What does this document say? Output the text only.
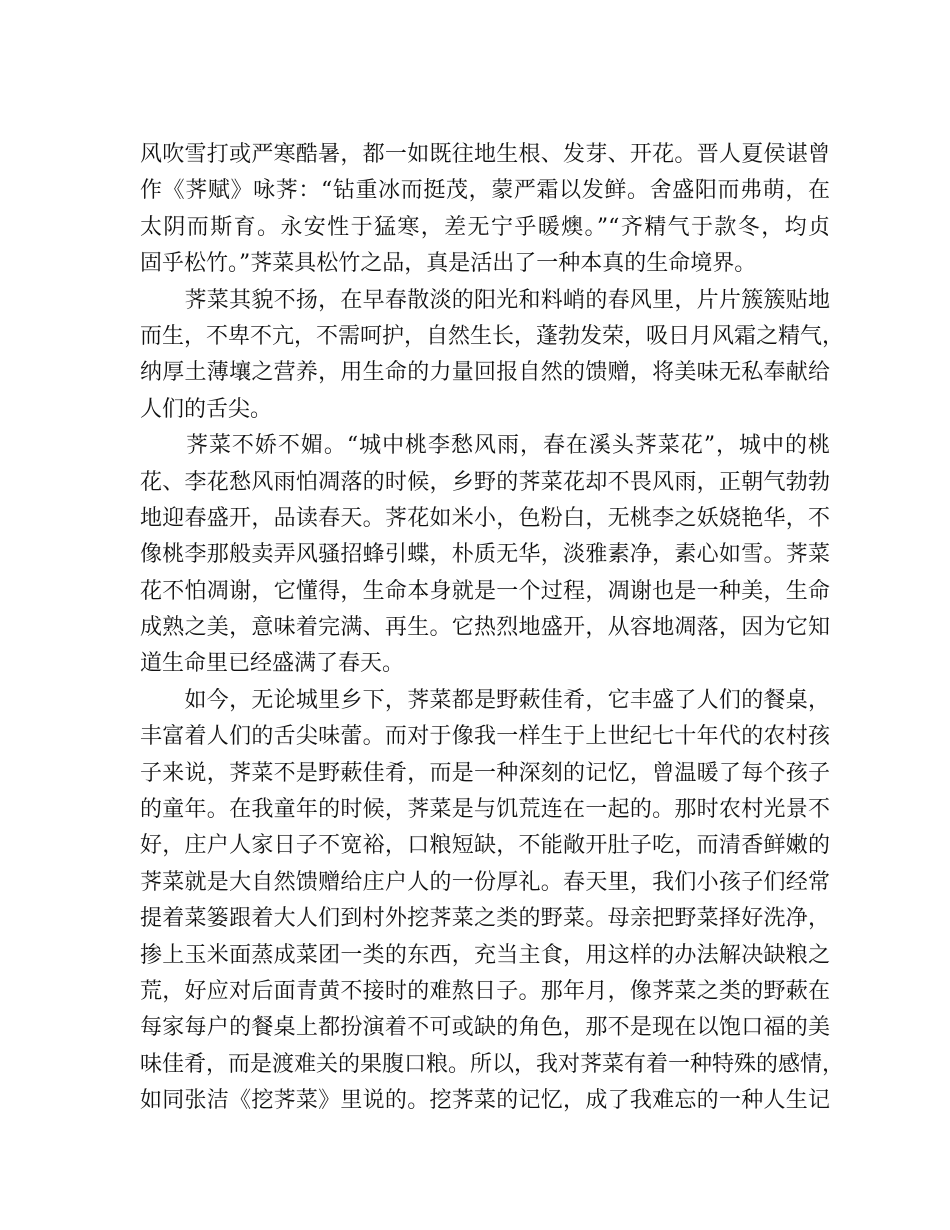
风吹雪打或严寒酷暑，都一如既往地生根、发芽、开花。晋人夏侯谌曾
作《荠赋》咏荠：“钻重冰而挺茂，蒙严霜以发鲜。舍盛阳而弗萌，在
太阴而斯育。永安性于猛寒，差无宁乎暖燠。”“齐精气于款冬，均贞
固乎松竹。”荠菜具松竹之品，真是活出了一种本真的生命境界。
　　荠菜其貌不扬，在早春散淡的阳光和料峭的春风里，片片簇簇贴地
而生，不卑不亢，不需呵护，自然生长，蓬勃发荣，吸日月风霜之精气，
纳厚土薄壤之营养，用生命的力量回报自然的馈赠，将美味无私奉献给
人们的舌尖。
　　荠菜不娇不媚。“城中桃李愁风雨，春在溪头荠菜花”，城中的桃
花、李花愁风雨怕凋落的时候，乡野的荠菜花却不畏风雨，正朝气勃勃
地迎春盛开，品读春天。荠花如米小，色粉白，无桃李之妖娆艳华，不
像桃李那般卖弄风骚招蜂引蝶，朴质无华，淡雅素净，素心如雪。荠菜
花不怕凋谢，它懂得，生命本身就是一个过程，凋谢也是一种美，生命
成熟之美，意味着完满、再生。它热烈地盛开，从容地凋落，因为它知
道生命里已经盛满了春天。
　　如今，无论城里乡下，荠菜都是野蔌佳肴，它丰盛了人们的餐桌，
丰富着人们的舌尖味蕾。而对于像我一样生于上世纪七十年代的农村孩
子来说，荠菜不是野蔌佳肴，而是一种深刻的记忆，曾温暖了每个孩子
的童年。在我童年的时候，荠菜是与饥荒连在一起的。那时农村光景不
好，庄户人家日子不宽裕，口粮短缺，不能敞开肚子吃，而清香鲜嫩的
荠菜就是大自然馈赠给庄户人的一份厚礼。春天里，我们小孩子们经常
提着菜篓跟着大人们到村外挖荠菜之类的野菜。母亲把野菜择好洗净，
掺上玉米面蒸成菜团一类的东西，充当主食，用这样的办法解决缺粮之
荒，好应对后面青黄不接时的难熬日子。那年月，像荠菜之类的野蔌在
每家每户的餐桌上都扮演着不可或缺的角色，那不是现在以饱口福的美
味佳肴，而是渡难关的果腹口粮。所以，我对荠菜有着一种特殊的感情，
如同张洁《挖荠菜》里说的。挖荠菜的记忆，成了我难忘的一种人生记
